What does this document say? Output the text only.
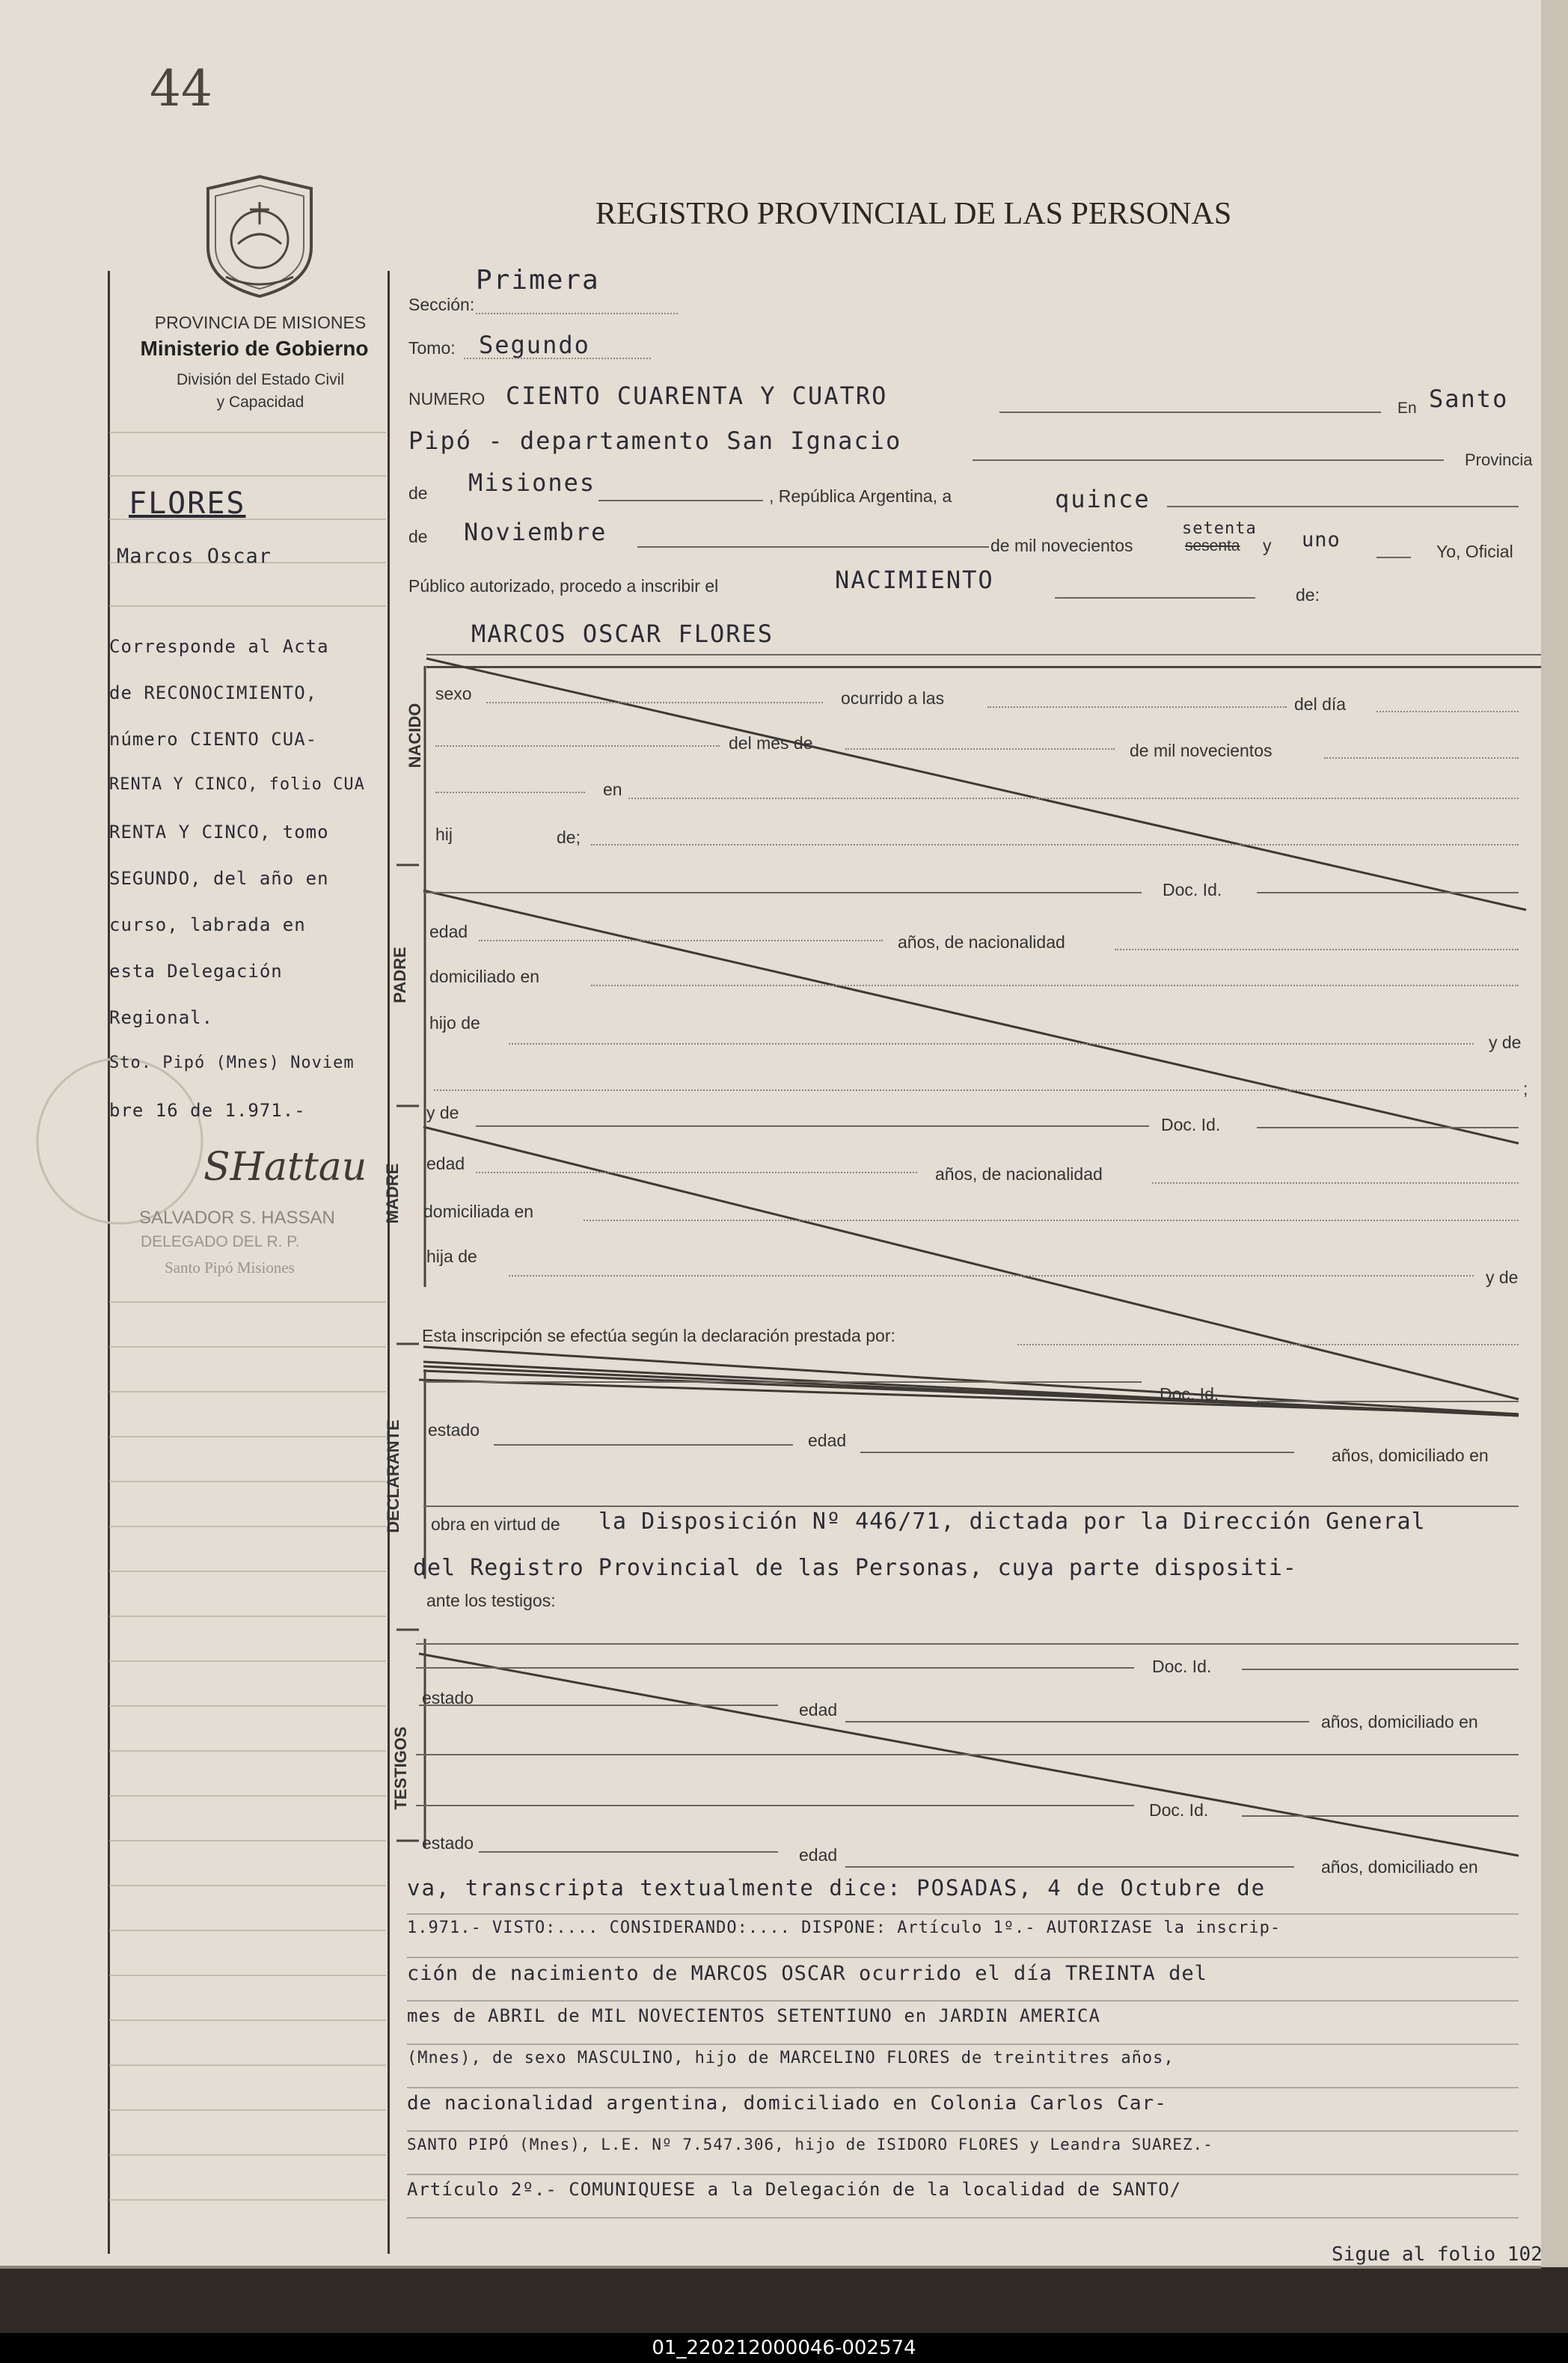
44
REGISTRO PROVINCIAL DE LAS PERSONAS
PROVINCIA DE MISIONES
Ministerio de Gobierno
División del Estado Civil
y Capacidad
FLORES
Marcos Oscar
Corresponde al Acta
de RECONOCIMIENTO,
número CIENTO CUA-
RENTA Y CINCO, folio CUA
RENTA Y CINCO, tomo
SEGUNDO, del año en
curso, labrada en
esta Delegación
Regional.
Sto. Pipó (Mnes) Noviem
bre 16 de 1.971.-
SHattau
SALVADOR S. HASSAN
DELEGADO DEL R. P.
Santo Pipó Misiones
Sección:
Primera
Tomo: Segundo
NUMERO CIENTO CUARENTA Y CUATRO	En Santo
Pipó - departamento San Ignacio
Provincia
de Misiones	, República Argentina, a	quince
de Noviembre	de mil novecientos
setenta
sesenta y uno	Yo, Oficial
Público autorizado, procedo a inscribir el	NACIMIENTO
de:
MARCOS OSCAR FLORES
NACIDO
sexo	ocurrido a las	del día
del mes de	de mil novecientos
en
hij	de;
PADRE
Doc. Id.
edad
años, de nacionalidad
domiciliado en
hijo de
y de
;
MADRE
y de
Doc. Id.
edad
años, de nacionalidad
domiciliada en
hija de
y de
Esta inscripción se efectúa según la declaración prestada por:
DECLARANTE
Doc. Id.
estado
edad
años, domiciliado en
obra en virtud de la Disposición Nº 446/71, dictada por la Dirección General
del Registro Provincial de las Personas, cuya parte dispositi-
ante los testigos:
TESTIGOS
Doc. Id.
estado
edad
años, domiciliado en
Doc. Id.
estado
edad
años, domiciliado en
va, transcripta textualmente dice: POSADAS, 4 de Octubre de
1.971.- VISTO:.... CONSIDERANDO:.... DISPONE: Artículo 1º.- AUTORIZASE la inscrip-
ción de nacimiento de MARCOS OSCAR ocurrido el día TREINTA del
mes de ABRIL de MIL NOVECIENTOS SETENTIUNO en JARDIN AMERICA
(Mnes), de sexo MASCULINO, hijo de MARCELINO FLORES de treintitres años,
de nacionalidad argentina, domiciliado en Colonia Carlos Car-
SANTO PIPÓ (Mnes), L.E. Nº 7.547.306, hijo de ISIDORO FLORES y Leandra SUAREZ.-
Artículo 2º.- COMUNIQUESE a la Delegación de la localidad de SANTO/
Sigue al folio 102
01_220212000046-002574
